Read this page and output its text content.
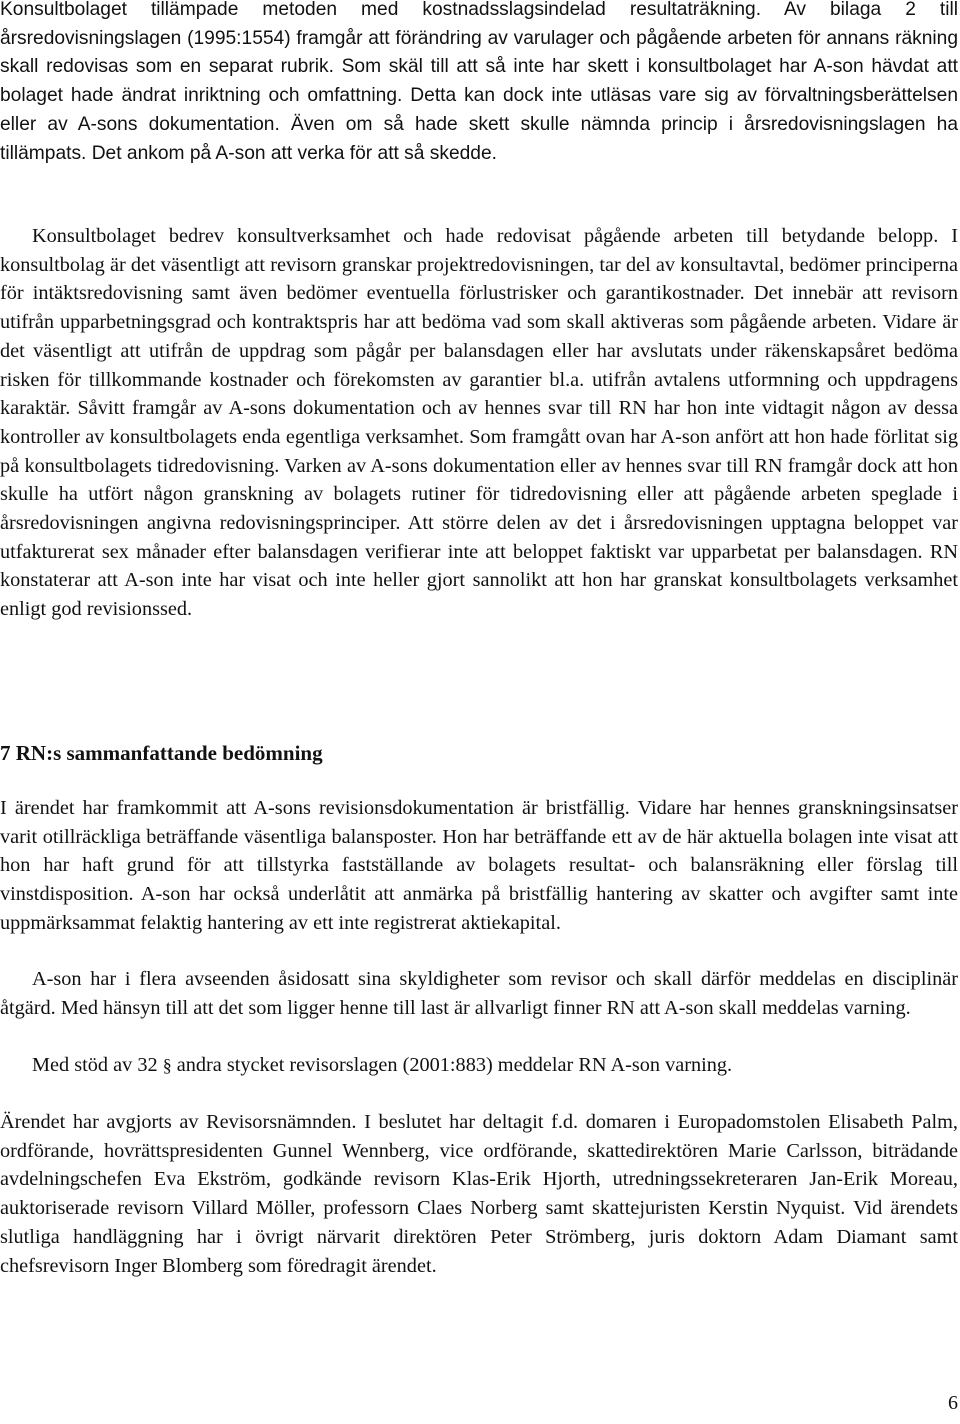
Konsultbolaget tillämpade metoden med kostnadsslagsindelad resultaträkning. Av bilaga 2 till årsredovisningslagen (1995:1554) framgår att förändring av varulager och pågående arbeten för annans räkning skall redovisas som en separat rubrik. Som skäl till att så inte har skett i konsultbolaget har A-son hävdat att bolaget hade ändrat inriktning och omfattning. Detta kan dock inte utläsas vare sig av förvaltningsberättelsen eller av A-sons dokumentation. Även om så hade skett skulle nämnda princip i årsredovisningslagen ha tillämpats. Det ankom på A-son att verka för att så skedde.

Konsultbolaget bedrev konsultverksamhet och hade redovisat pågående arbeten till betydande belopp. I konsultbolag är det väsentligt att revisorn granskar projektredovisningen, tar del av konsultavtal, bedömer principerna för intäktsredovisning samt även bedömer eventuella förlustrisker och garantikostnader. Det innebär att revisorn utifrån upparbetningsgrad och kontraktspris har att bedöma vad som skall aktiveras som pågående arbeten. Vidare är det väsentligt att utifrån de uppdrag som pågår per balansdagen eller har avslutats under räkenskapsåret bedöma risken för tillkommande kostnader och förekomsten av garantier bl.a. utifrån avtalens utformning och uppdragens karaktär. Såvitt framgår av A-sons dokumentation och av hennes svar till RN har hon inte vidtagit någon av dessa kontroller av konsultbolagets enda egentliga verksamhet. Som framgått ovan har A-son anfört att hon hade förlitat sig på konsultbolagets tidredovisning. Varken av A-sons dokumentation eller av hennes svar till RN framgår dock att hon skulle ha utfört någon granskning av bolagets rutiner för tidredovisning eller att pågående arbeten speglade i årsredovisningen angivna redovisningsprinciper. Att större delen av det i årsredovisningen upptagna beloppet var utfakturerat sex månader efter balansdagen verifierar inte att beloppet faktiskt var upparbetat per balansdagen. RN konstaterar att A-son inte har visat och inte heller gjort sannolikt att hon har granskat konsultbolagets verksamhet enligt god revisionssed.

7 RN:s sammanfattande bedömning

I ärendet har framkommit att A-sons revisionsdokumentation är bristfällig. Vidare har hennes granskningsinsatser varit otillräckliga beträffande väsentliga balansposter. Hon har beträffande ett av de här aktuella bolagen inte visat att hon har haft grund för att tillstyrka fastställande av bolagets resultat- och balansräkning eller förslag till vinstdisposition. A-son har också underlåtit att anmärka på bristfällig hantering av skatter och avgifter samt inte uppmärksammat felaktig hantering av ett inte registrerat aktiekapital.

A-son har i flera avseenden åsidosatt sina skyldigheter som revisor och skall därför meddelas en disciplinär åtgärd. Med hänsyn till att det som ligger henne till last är allvarligt finner RN att A-son skall meddelas varning.

Med stöd av 32 § andra stycket revisorslagen (2001:883) meddelar RN A-son varning.

Ärendet har avgjorts av Revisorsnämnden. I beslutet har deltagit f.d. domaren i Europadomstolen Elisabeth Palm, ordförande, hovrättspresidenten Gunnel Wennberg, vice ordförande, skattedirektören Marie Carlsson, biträdande avdelningschefen Eva Ekström, godkände revisorn Klas-Erik Hjorth, utredningssekreteraren Jan-Erik Moreau, auktoriserade revisorn Villard Möller, professorn Claes Norberg samt skattejuristen Kerstin Nyquist. Vid ärendets slutliga handläggning har i övrigt närvarit direktören Peter Strömberg, juris doktorn Adam Diamant samt chefsrevisorn Inger Blomberg som föredragit ärendet.

6
